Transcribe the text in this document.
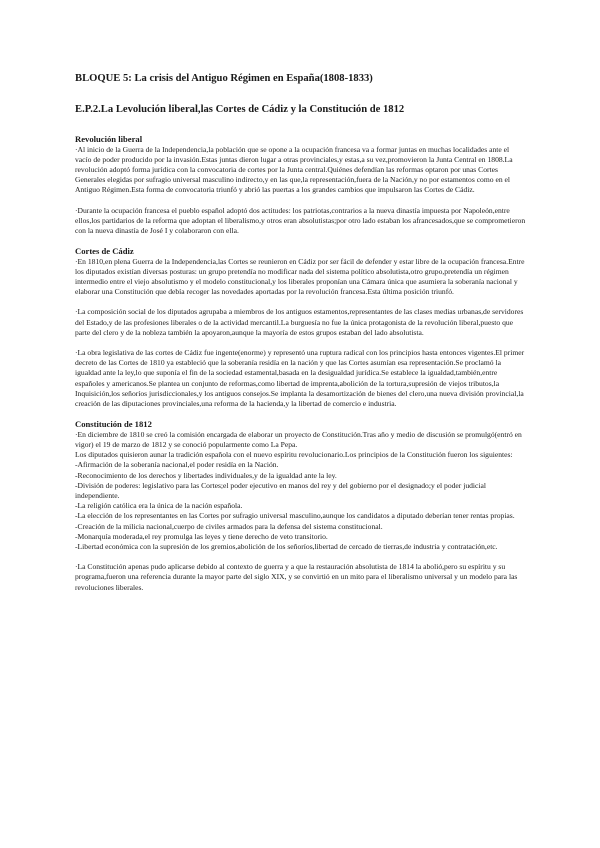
BLOQUE 5: La crisis del Antiguo Régimen en España(1808-1833)

E.P.2.La Levolución liberal,las Cortes de Cádiz y la Constitución de 1812

Revolución liberal

·Al inicio de la Guerra de la Independencia,la población que se opone a la ocupación francesa va a formar juntas en muchas localidades ante el vacío de poder producido por la invasión.Estas juntas dieron lugar a otras provinciales,y estas,a su vez,promovieron la Junta Central en 1808.La revolución adoptó forma jurídica con la convocatoria de cortes por la Junta central.Quiénes defendían las reformas optaron por unas Cortes Generales elegidas por sufragio universal masculino indirecto,y en las que,la representación,fuera de la Nación,y no por estamentos como en el Antiguo Régimen.Esta forma de convocatoria triunfó y abrió las puertas a los grandes cambios que impulsaron las Cortes de Cádiz.

·Durante la ocupación francesa el pueblo español adoptó dos actitudes: los patriotas,contrarios a la nueva dinastía impuesta por Napoleón,entre ellos,los partidarios de la reforma que adoptan el liberalismo,y otros eran absolutistas;por otro lado estaban los afrancesados,que se comprometieron con la nueva dinastía de José I y colaboraron con ella.

Cortes de Cádiz

·En 1810,en plena Guerra de la Independencia,las Cortes se reunieron en Cádiz por ser fácil de defender y estar libre de la ocupación francesa.Entre los diputados existían diversas posturas: un grupo pretendía no modificar nada del sistema político absolutista,otro grupo,pretendía un régimen intermedio entre el viejo absolutismo y el modelo constitucional,y los liberales proponían una Cámara única que asumiera la soberanía nacional y elaborar una Constitución que debía recoger las novedades aportadas por la revolución francesa.Esta última posición triunfó.

·La composición social de los diputados agrupaba a miembros de los antiguos estamentos,representantes de las clases medias urbanas,de servidores del Estado,y de las profesiones liberales o de la actividad mercantil.La burguesía no fue la única protagonista de la revolución liberal,puesto que parte del clero y de la nobleza también la apoyaron,aunque la mayoría de estos grupos estaban del lado absolutista.

·La obra legislativa de las cortes de Cádiz fue ingente(enorme) y representó una ruptura radical con los principios hasta entonces vigentes.El primer decreto de las Cortes de 1810 ya estableció que la soberanía residía en la nación y que las Cortes asumían esa representación.Se proclamó la igualdad ante la ley,lo que suponía el fin de la sociedad estamental,basada en la desigualdad jurídica.Se establece la igualdad,también,entre españoles y americanos.Se plantea un conjunto de reformas,como libertad de imprenta,abolición de la tortura,supresión de viejos tributos,la Inquisición,los señoríos jurisdiccionales,y los antiguos consejos.Se implanta la desamortización de bienes del clero,una nueva división provincial,la creación de las diputaciones provinciales,una reforma de la hacienda,y la libertad de comercio e industria.

Constitución de 1812

·En diciembre de 1810 se creó la comisión encargada de elaborar un proyecto de Constitución.Tras año y medio de discusión se promulgó(entró en vigor) el 19 de marzo de 1812 y se conoció popularmente como La Pepa.

Los diputados quisieron aunar la tradición española con el nuevo espíritu revolucionario.Los principios de la Constitución fueron los siguientes:

-Afirmación de la soberanía nacional,el poder residía en la Nación.

-Reconocimiento de los derechos y libertades individuales,y de la igualdad ante la ley.

-División de poderes: legislativo para las Cortes;el poder ejecutivo en manos del rey y del gobierno por el designado;y el poder judicial independiente.

-La religión católica era la única de la nación española.

-La elección de los representantes en las Cortes por sufragio universal masculino,aunque los candidatos a diputado deberían tener rentas propias.

-Creación de la milicia nacional,cuerpo de civiles armados para la defensa del sistema constitucional.

-Monarquía moderada,el rey promulga las leyes y tiene derecho de veto transitorio.

-Libertad económica con la supresión de los gremios,abolición de los señoríos,libertad de cercado de tierras,de industria y contratación,etc.

·La Constitución apenas pudo aplicarse debido al contexto de guerra y a que la restauración absolutista de 1814 la abolió,pero su espíritu y su programa,fueron una referencia durante la mayor parte del siglo XIX, y se convirtió en un mito para el liberalismo universal y un modelo para las revoluciones liberales.
